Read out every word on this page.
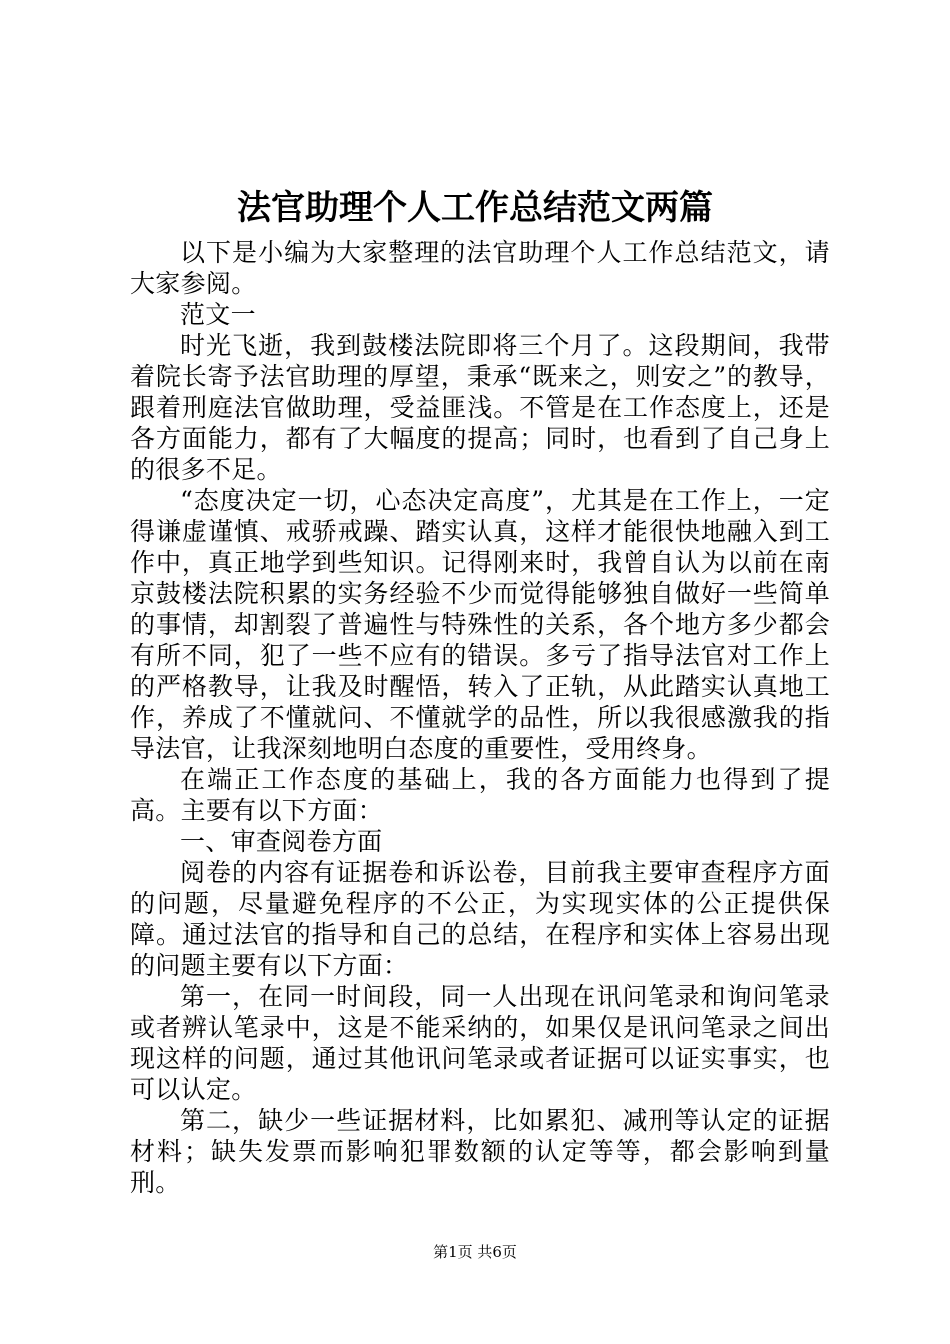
法官助理个人工作总结范文两篇

以下是小编为大家整理的法官助理个人工作总结范文，请大家参阅。

范文一

时光飞逝，我到鼓楼法院即将三个月了。这段期间，我带着院长寄予法官助理的厚望，秉承“既来之，则安之”的教导，跟着刑庭法官做助理，受益匪浅。不管是在工作态度上，还是各方面能力，都有了大幅度的提高；同时，也看到了自己身上的很多不足。

“态度决定一切，心态决定高度”，尤其是在工作上，一定得谦虚谨慎、戒骄戒躁、踏实认真，这样才能很快地融入到工作中，真正地学到些知识。记得刚来时，我曾自认为以前在南京鼓楼法院积累的实务经验不少而觉得能够独自做好一些简单的事情，却割裂了普遍性与特殊性的关系，各个地方多少都会有所不同，犯了一些不应有的错误。多亏了指导法官对工作上的严格教导，让我及时醒悟，转入了正轨，从此踏实认真地工作，养成了不懂就问、不懂就学的品性，所以我很感激我的指导法官，让我深刻地明白态度的重要性，受用终身。

在端正工作态度的基础上，我的各方面能力也得到了提高。主要有以下方面：

一、审查阅卷方面

阅卷的内容有证据卷和诉讼卷，目前我主要审查程序方面的问题，尽量避免程序的不公正，为实现实体的公正提供保障。通过法官的指导和自己的总结，在程序和实体上容易出现的问题主要有以下方面：

第一，在同一时间段，同一人出现在讯问笔录和询问笔录或者辨认笔录中，这是不能采纳的，如果仅是讯问笔录之间出现这样的问题，通过其他讯问笔录或者证据可以证实事实，也可以认定。

第二，缺少一些证据材料，比如累犯、减刑等认定的证据材料；缺失发票而影响犯罪数额的认定等等，都会影响到量刑。

第1页 共6页
